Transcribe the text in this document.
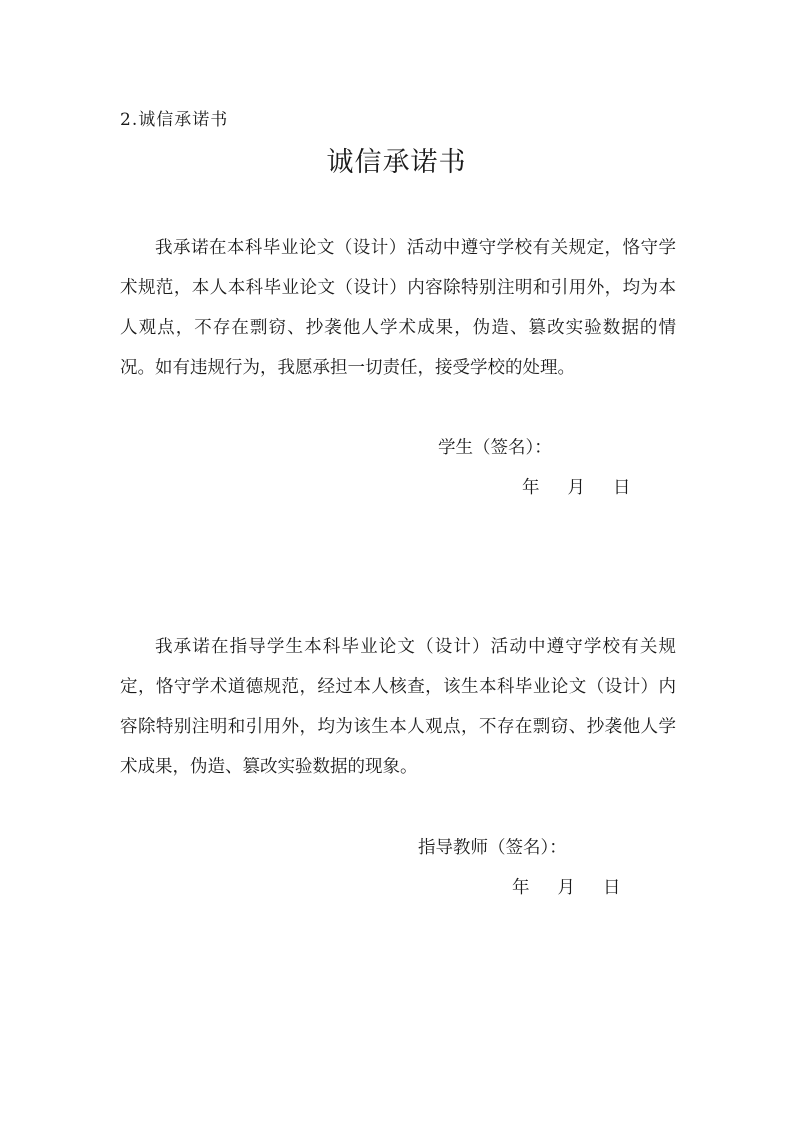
2.诚信承诺书
诚信承诺书
我承诺在本科毕业论文（设计）活动中遵守学校有关规定，恪守学术规范，本人本科毕业论文（设计）内容除特别注明和引用外，均为本人观点，不存在剽窃、抄袭他人学术成果，伪造、篡改实验数据的情况。如有违规行为，我愿承担一切责任，接受学校的处理。
学生（签名）：
年 月 日
我承诺在指导学生本科毕业论文（设计）活动中遵守学校有关规定，恪守学术道德规范，经过本人核查，该生本科毕业论文（设计）内容除特别注明和引用外，均为该生本人观点，不存在剽窃、抄袭他人学术成果，伪造、篡改实验数据的现象。
指导教师（签名）：
年 月 日
